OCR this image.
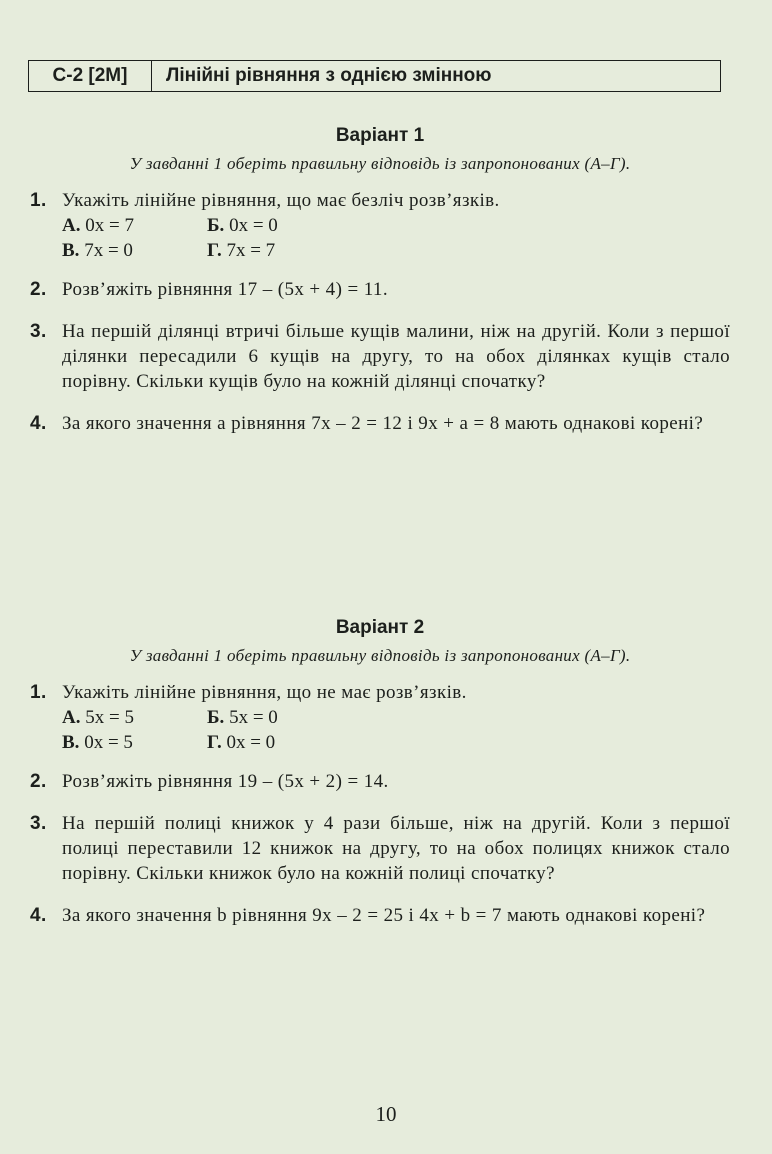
С-2 [2М]	Лінійні рівняння з однією змінною
Варіант 1
У завданні 1 оберіть правильну відповідь із запропонованих (А–Г).
1. Укажіть лінійне рівняння, що має безліч розв’язків.
А. 0x = 7	Б. 0x = 0
В. 7x = 0	Г. 7x = 7
2. Розв’яжіть рівняння 17 – (5x + 4) = 11.
3. На першій ділянці втричі більше кущів малини, ніж на другій. Коли з першої ділянки пересадили 6 кущів на другу, то на обох ділянках кущів стало порівну. Скільки кущів було на кожній ділянці спочатку?
4. За якого значення a рівняння 7x – 2 = 12 і 9x + a = 8 мають однакові корені?
Варіант 2
У завданні 1 оберіть правильну відповідь із запропонованих (А–Г).
1. Укажіть лінійне рівняння, що не має розв’язків.
А. 5x = 5	Б. 5x = 0
В. 0x = 5	Г. 0x = 0
2. Розв’яжіть рівняння 19 – (5x + 2) = 14.
3. На першій полиці книжок у 4 рази більше, ніж на другій. Коли з першої полиці переставили 12 книжок на другу, то на обох полицях книжок стало порівну. Скільки книжок було на кожній полиці спочатку?
4. За якого значення b рівняння 9x – 2 = 25 і 4x + b = 7 мають однакові корені?
10
